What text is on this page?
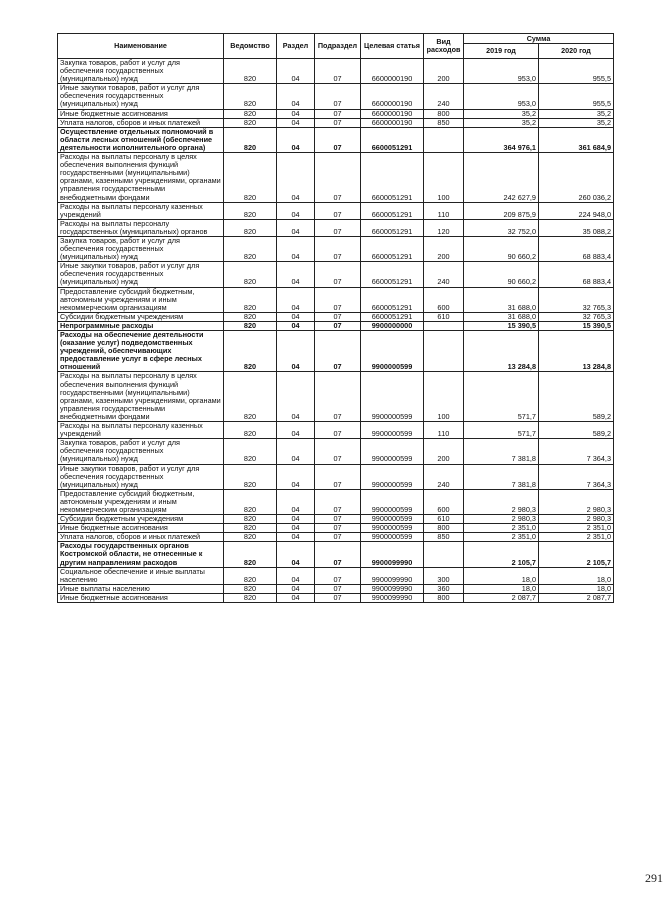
Наименование	Ведомство	Раздел	Подраздел	Целевая статья	Вид расходов	Сумма	
						2019 год	2020 год
Закупка товаров, работ и услуг для обеспечения государственных (муниципальных) нужд	820	04	07	6600000190	200	953,0	955,5
Иные закупки товаров, работ и услуг для обеспечения государственных (муниципальных) нужд	820	04	07	6600000190	240	953,0	955,5
Иные бюджетные ассигнования	820	04	07	6600000190	800	35,2	35,2
Уплата налогов, сборов и иных платежей	820	04	07	6600000190	850	35,2	35,2
Осуществление отдельных полномочий в области лесных отношений (обеспечение деятельности исполнительного органа)	820	04	07	6600051291		364 976,1	361 684,9
Расходы на выплаты персоналу в целях обеспечения выполнения функций государственными (муниципальными) органами, казенными учреждениями, органами управления государственными внебюджетными фондами	820	04	07	6600051291	100	242 627,9	260 036,2
Расходы на выплаты персоналу казенных учреждений	820	04	07	6600051291	110	209 875,9	224 948,0
Расходы на выплаты персоналу государственных (муниципальных) органов	820	04	07	6600051291	120	32 752,0	35 088,2
Закупка товаров, работ и услуг для обеспечения государственных (муниципальных) нужд	820	04	07	6600051291	200	90 660,2	68 883,4
Иные закупки товаров, работ и услуг для обеспечения государственных (муниципальных) нужд	820	04	07	6600051291	240	90 660,2	68 883,4
Предоставление субсидий бюджетным, автономным учреждениям и иным некоммерческим организациям	820	04	07	6600051291	600	31 688,0	32 765,3
Субсидии бюджетным учреждениям	820	04	07	6600051291	610	31 688,0	32 765,3
Непрограммные расходы	820	04	07	9900000000		15 390,5	15 390,5
Расходы на обеспечение деятельности (оказание услуг) подведомственных учреждений, обеспечивающих предоставление услуг в сфере лесных отношений	820	04	07	9900000599		13 284,8	13 284,8
Расходы на выплаты персоналу в целях обеспечения выполнения функций государственными (муниципальными) органами, казенными учреждениями, органами управления государственными внебюджетными фондами	820	04	07	9900000599	100	571,7	589,2
Расходы на выплаты персоналу казенных учреждений	820	04	07	9900000599	110	571,7	589,2
Закупка товаров, работ и услуг для обеспечения государственных (муниципальных) нужд	820	04	07	9900000599	200	7 381,8	7 364,3
Иные закупки товаров, работ и услуг для обеспечения государственных (муниципальных) нужд	820	04	07	9900000599	240	7 381,8	7 364,3
Предоставление субсидий бюджетным, автономным учреждениям и иным некоммерческим организациям	820	04	07	9900000599	600	2 980,3	2 980,3
Субсидии бюджетным учреждениям	820	04	07	9900000599	610	2 980,3	2 980,3
Иные бюджетные ассигнования	820	04	07	9900000599	800	2 351,0	2 351,0
Уплата налогов, сборов и иных платежей	820	04	07	9900000599	850	2 351,0	2 351,0
Расходы государственных органов Костромской области, не отнесенные к другим направлениям расходов	820	04	07	9900099990		2 105,7	2 105,7
Социальное обеспечение и иные выплаты населению	820	04	07	9900099990	300	18,0	18,0
Иные выплаты населению	820	04	07	9900099990	360	18,0	18,0
Иные бюджетные ассигнования	820	04	07	9900099990	800	2 087,7	2 087,7
291
